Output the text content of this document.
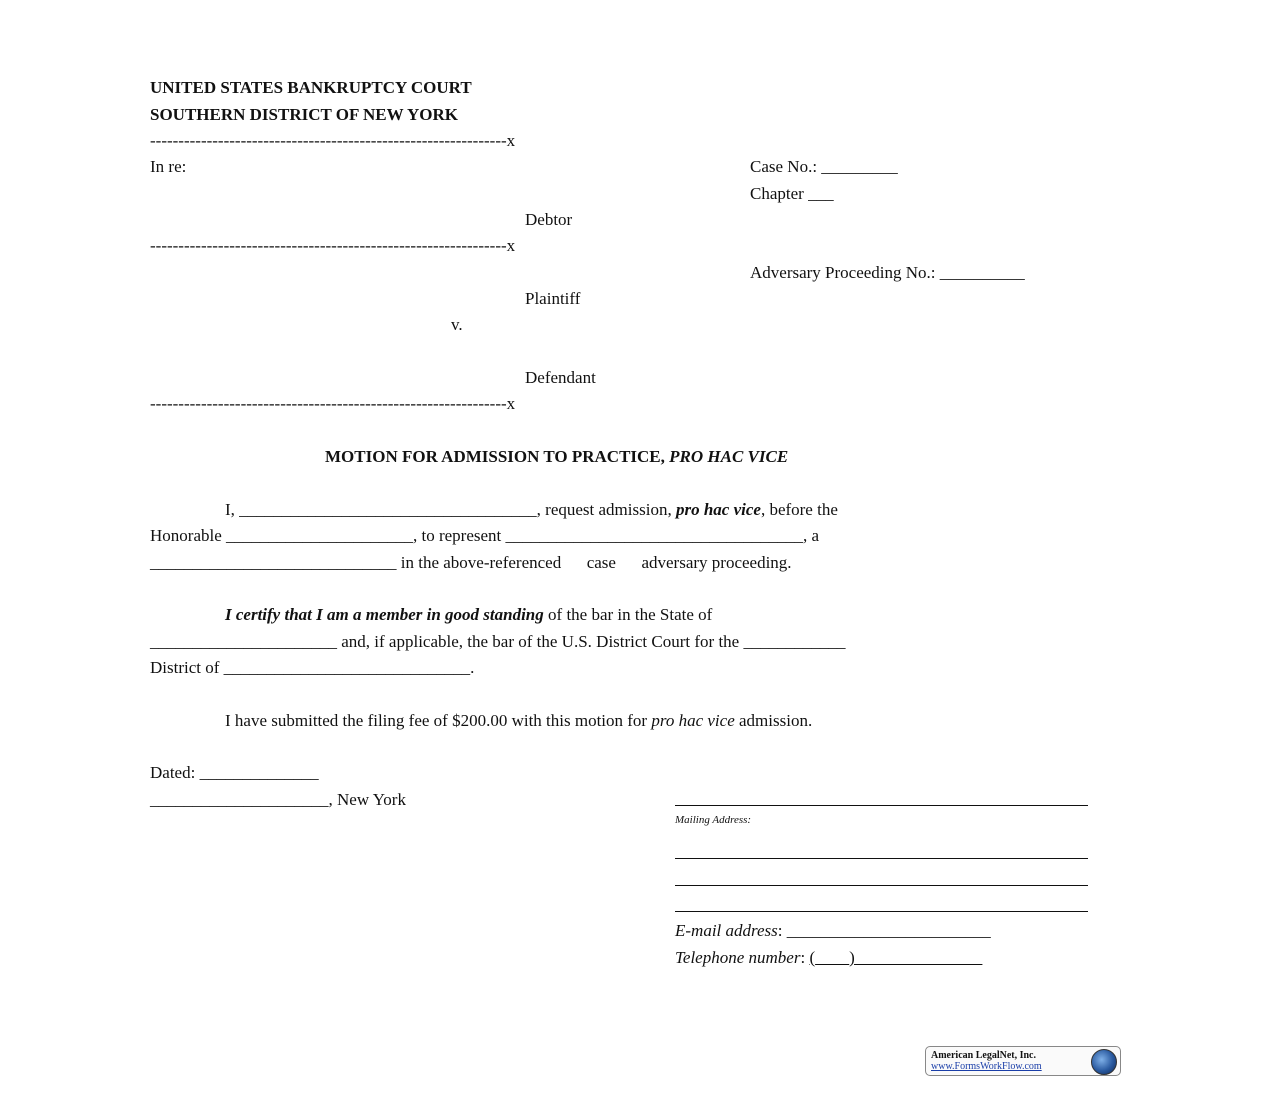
UNITED STATES BANKRUPTCY COURT
SOUTHERN DISTRICT OF NEW YORK
---------------------------------------------------------------x
In re:	Case No.: _________
Chapter ___
Debtor
---------------------------------------------------------------x
Adversary Proceeding No.: __________
Plaintiff
v.
Defendant
---------------------------------------------------------------x
MOTION FOR ADMISSION TO PRACTICE, PRO HAC VICE
I, ___________________________________, request admission, pro hac vice, before the
Honorable ______________________, to represent ___________________________________, a
_____________________________ in the above-referenced      case      adversary proceeding.
I certify that I am a member in good standing of the bar in the State of
______________________ and, if applicable, the bar of the U.S. District Court for the ____________
District of _____________________________.
I have submitted the filing fee of $200.00 with this motion for pro hac vice admission.
Dated: ______________
_____________________, New York
Mailing Address:
E-mail address: ________________________
Telephone number: (____)_______________
American LegalNet, Inc.
www.FormsWorkFlow.com
